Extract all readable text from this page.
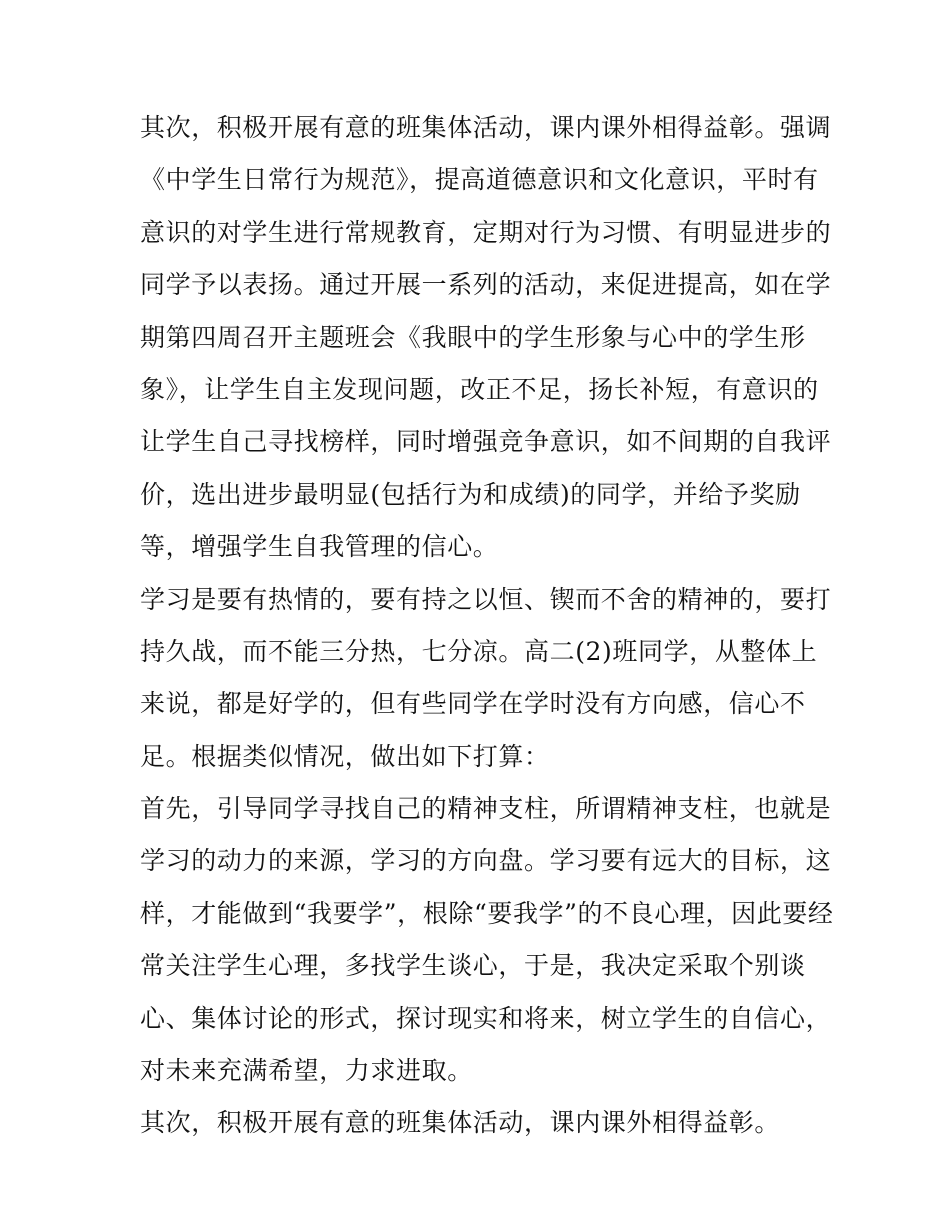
其次，积极开展有意的班集体活动，课内课外相得益彰。强调
《中学生日常行为规范》，提高道德意识和文化意识，平时有
意识的对学生进行常规教育，定期对行为习惯、有明显进步的
同学予以表扬。通过开展一系列的活动，来促进提高，如在学
期第四周召开主题班会《我眼中的学生形象与心中的学生形
象》，让学生自主发现问题，改正不足，扬长补短，有意识的
让学生自己寻找榜样，同时增强竞争意识，如不间期的自我评
价，选出进步最明显(包括行为和成绩)的同学，并给予奖励
等，增强学生自我管理的信心。
学习是要有热情的，要有持之以恒、锲而不舍的精神的，要打
持久战，而不能三分热，七分凉。高二(2)班同学，从整体上
来说，都是好学的，但有些同学在学时没有方向感，信心不
足。根据类似情况，做出如下打算：
首先，引导同学寻找自己的精神支柱，所谓精神支柱，也就是
学习的动力的来源，学习的方向盘。学习要有远大的目标，这
样，才能做到“我要学”，根除“要我学”的不良心理，因此要经
常关注学生心理，多找学生谈心，于是，我决定采取个别谈
心、集体讨论的形式，探讨现实和将来，树立学生的自信心，
对未来充满希望，力求进取。
其次，积极开展有意的班集体活动，课内课外相得益彰。
